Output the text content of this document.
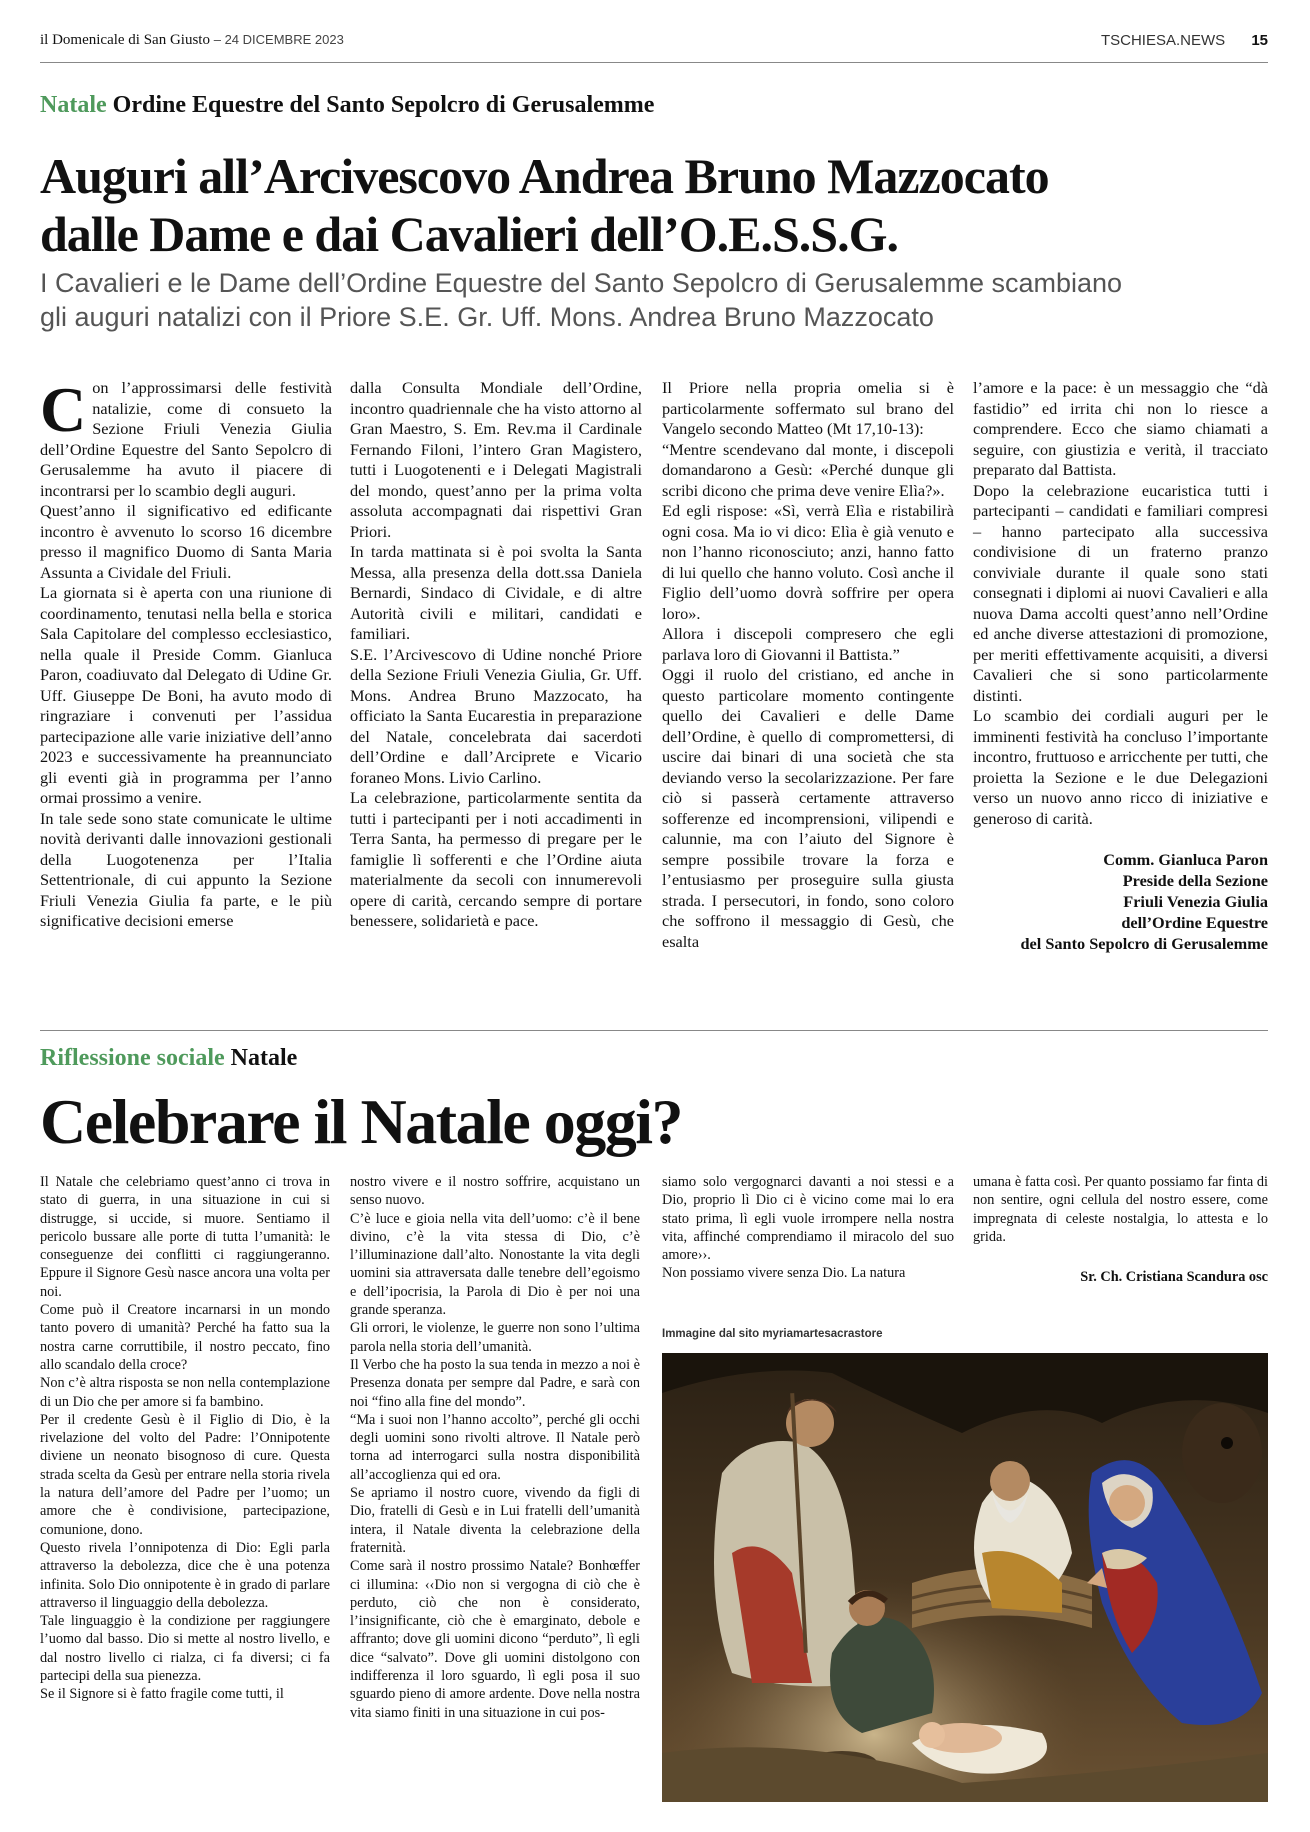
il Domenicale di San Giusto – 24 DICEMBRE 2023	TSCHIESA.NEWS 15
Natale Ordine Equestre del Santo Sepolcro di Gerusalemme
Auguri all’Arcivescovo Andrea Bruno Mazzocato
dalle Dame e dai Cavalieri dell’O.E.S.S.G.
I Cavalieri e le Dame dell’Ordine Equestre del Santo Sepolcro di Gerusalemme scambiano
gli auguri natalizi con il Priore S.E. Gr. Uff. Mons. Andrea Bruno Mazzocato

Con l’approssimarsi delle festività natalizie, come di consueto la Sezione Friuli Venezia Giulia dell’Ordine Equestre del Santo Sepolcro di Gerusalemme ha avuto il piacere di incontrarsi per lo scambio degli auguri.

Quest’anno il significativo ed edificante incontro è avvenuto lo scorso 16 dicembre presso il magnifico Duomo di Santa Maria Assunta a Cividale del Friuli.

La giornata si è aperta con una riunione di coordinamento, tenutasi nella bella e storica Sala Capitolare del complesso ecclesiastico, nella quale il Preside Comm. Gianluca Paron, coadiuvato dal Delegato di Udine Gr. Uff. Giuseppe De Boni, ha avuto modo di ringraziare i convenuti per l’assidua partecipazione alle varie iniziative dell’anno 2023 e successivamente ha preannunciato gli eventi già in programma per l’anno ormai prossimo a venire.

In tale sede sono state comunicate le ultime novità derivanti dalle innovazioni gestionali della Luogotenenza per l’Italia Settentrionale, di cui appunto la Sezione Friuli Venezia Giulia fa parte, e le più significative decisioni emerse

dalla Consulta Mondiale dell’Ordine, incontro quadriennale che ha visto attorno al Gran Maestro, S. Em. Rev.ma il Cardinale Fernando Filoni, l’intero Gran Magistero, tutti i Luogotenenti e i Delegati Magistrali del mondo, quest’anno per la prima volta assoluta accompagnati dai rispettivi Gran Priori.

In tarda mattinata si è poi svolta la Santa Messa, alla presenza della dott.ssa Daniela Bernardi, Sindaco di Cividale, e di altre Autorità civili e militari, candidati e familiari.

S.E. l’Arcivescovo di Udine nonché Priore della Sezione Friuli Venezia Giulia, Gr. Uff. Mons. Andrea Bruno Mazzocato, ha officiato la Santa Eucarestia in preparazione del Natale, concelebrata dai sacerdoti dell’Ordine e dall’Arciprete e Vicario foraneo Mons. Livio Carlino.

La celebrazione, particolarmente sentita da tutti i partecipanti per i noti accadimenti in Terra Santa, ha permesso di pregare per le famiglie lì sofferenti e che l’Ordine aiuta materialmente da secoli con innumerevoli opere di carità, cercando sempre di portare benessere, solidarietà e pace.

Il Priore nella propria omelia si è particolarmente soffermato sul brano del Vangelo secondo Matteo (Mt 17,10-13):

“Mentre scendevano dal monte, i discepoli domandarono a Gesù: «Perché dunque gli scribi dicono che prima deve venire Elìa?».

Ed egli rispose: «Sì, verrà Elìa e ristabilirà ogni cosa. Ma io vi dico: Elìa è già venuto e non l’hanno riconosciuto; anzi, hanno fatto di lui quello che hanno voluto. Così anche il Figlio dell’uomo dovrà soffrire per opera loro».

Allora i discepoli compresero che egli parlava loro di Giovanni il Battista.”

Oggi il ruolo del cristiano, ed anche in questo particolare momento contingente quello dei Cavalieri e delle Dame dell’Ordine, è quello di compromettersi, di uscire dai binari di una società che sta deviando verso la secolarizzazione. Per fare ciò si passerà certamente attraverso sofferenze ed incomprensioni, vilipendi e calunnie, ma con l’aiuto del Signore è sempre possibile trovare la forza e l’entusiasmo per proseguire sulla giusta strada. I persecutori, in fondo, sono coloro che soffrono il messaggio di Gesù, che esalta

l’amore e la pace: è un messaggio che “dà fastidio” ed irrita chi non lo riesce a comprendere. Ecco che siamo chiamati a seguire, con giustizia e verità, il tracciato preparato dal Battista.

Dopo la celebrazione eucaristica tutti i partecipanti – candidati e familiari compresi – hanno partecipato alla successiva condivisione di un fraterno pranzo conviviale durante il quale sono stati consegnati i diplomi ai nuovi Cavalieri e alla nuova Dama accolti quest’anno nell’Ordine ed anche diverse attestazioni di promozione, per meriti effettivamente acquisiti, a diversi Cavalieri che si sono particolarmente distinti.

Lo scambio dei cordiali auguri per le imminenti festività ha concluso l’importante incontro, fruttuoso e arricchente per tutti, che proietta la Sezione e le due Delegazioni verso un nuovo anno ricco di iniziative e generoso di carità.

Comm. Gianluca Paron
Preside della Sezione
Friuli Venezia Giulia
dell’Ordine Equestre
del Santo Sepolcro di Gerusalemme
Riflessione sociale Natale
Celebrare il Natale oggi?

Il Natale che celebriamo quest’anno ci trova in stato di guerra, in una situazione in cui si distrugge, si uccide, si muore. Sentiamo il pericolo bussare alle porte di tutta l’umanità: le conseguenze dei conflitti ci raggiungeranno. Eppure il Signore Gesù nasce ancora una volta per noi.

Come può il Creatore incarnarsi in un mondo tanto povero di umanità? Perché ha fatto sua la nostra carne corruttibile, il nostro peccato, fino allo scandalo della croce?

Non c’è altra risposta se non nella contemplazione di un Dio che per amore si fa bambino.

Per il credente Gesù è il Figlio di Dio, è la rivelazione del volto del Padre: l’Onnipotente diviene un neonato bisognoso di cure. Questa strada scelta da Gesù per entrare nella storia rivela la natura dell’amore del Padre per l’uomo; un amore che è condivisione, partecipazione, comunione, dono.

Questo rivela l’onnipotenza di Dio: Egli parla attraverso la debolezza, dice che è una potenza infinita. Solo Dio onnipotente è in grado di parlare attraverso il linguaggio della debolezza.

Tale linguaggio è la condizione per raggiungere l’uomo dal basso. Dio si mette al nostro livello, e dal nostro livello ci rialza, ci fa diversi; ci fa partecipi della sua pienezza.

Se il Signore si è fatto fragile come tutti, il

nostro vivere e il nostro soffrire, acquistano un senso nuovo.

C’è luce e gioia nella vita dell’uomo: c’è il bene divino, c’è la vita stessa di Dio, c’è l’illuminazione dall’alto. Nonostante la vita degli uomini sia attraversata dalle tenebre dell’egoismo e dell’ipocrisia, la Parola di Dio è per noi una grande speranza.

Gli orrori, le violenze, le guerre non sono l’ultima parola nella storia dell’umanità.

Il Verbo che ha posto la sua tenda in mezzo a noi è Presenza donata per sempre dal Padre, e sarà con noi “fino alla fine del mondo”.

“Ma i suoi non l’hanno accolto”, perché gli occhi degli uomini sono rivolti altrove. Il Natale però torna ad interrogarci sulla nostra disponibilità all’accoglienza qui ed ora.

Se apriamo il nostro cuore, vivendo da figli di Dio, fratelli di Gesù e in Lui fratelli dell’umanità intera, il Natale diventa la celebrazione della fraternità.

Come sarà il nostro prossimo Natale? Bonhœffer ci illumina: ‹‹Dio non si vergogna di ciò che è perduto, ciò che non è considerato, l’insignificante, ciò che è emarginato, debole e affranto; dove gli uomini dicono “perduto”, lì egli dice “salvato”. Dove gli uomini distolgono con indifferenza il loro sguardo, lì egli posa il suo sguardo pieno di amore ardente. Dove nella nostra vita siamo finiti in una situazione in cui pos-

siamo solo vergognarci davanti a noi stessi e a Dio, proprio lì Dio ci è vicino come mai lo era stato prima, lì egli vuole irrompere nella nostra vita, affinché comprendiamo il miracolo del suo amore››.

Non possiamo vivere senza Dio. La natura

umana è fatta così. Per quanto possiamo far finta di non sentire, ogni cellula del nostro essere, come impregnata di celeste nostalgia, lo attesta e lo grida.

Sr. Ch. Cristiana Scandura osc
Immagine dal sito myriamartesacrastore
